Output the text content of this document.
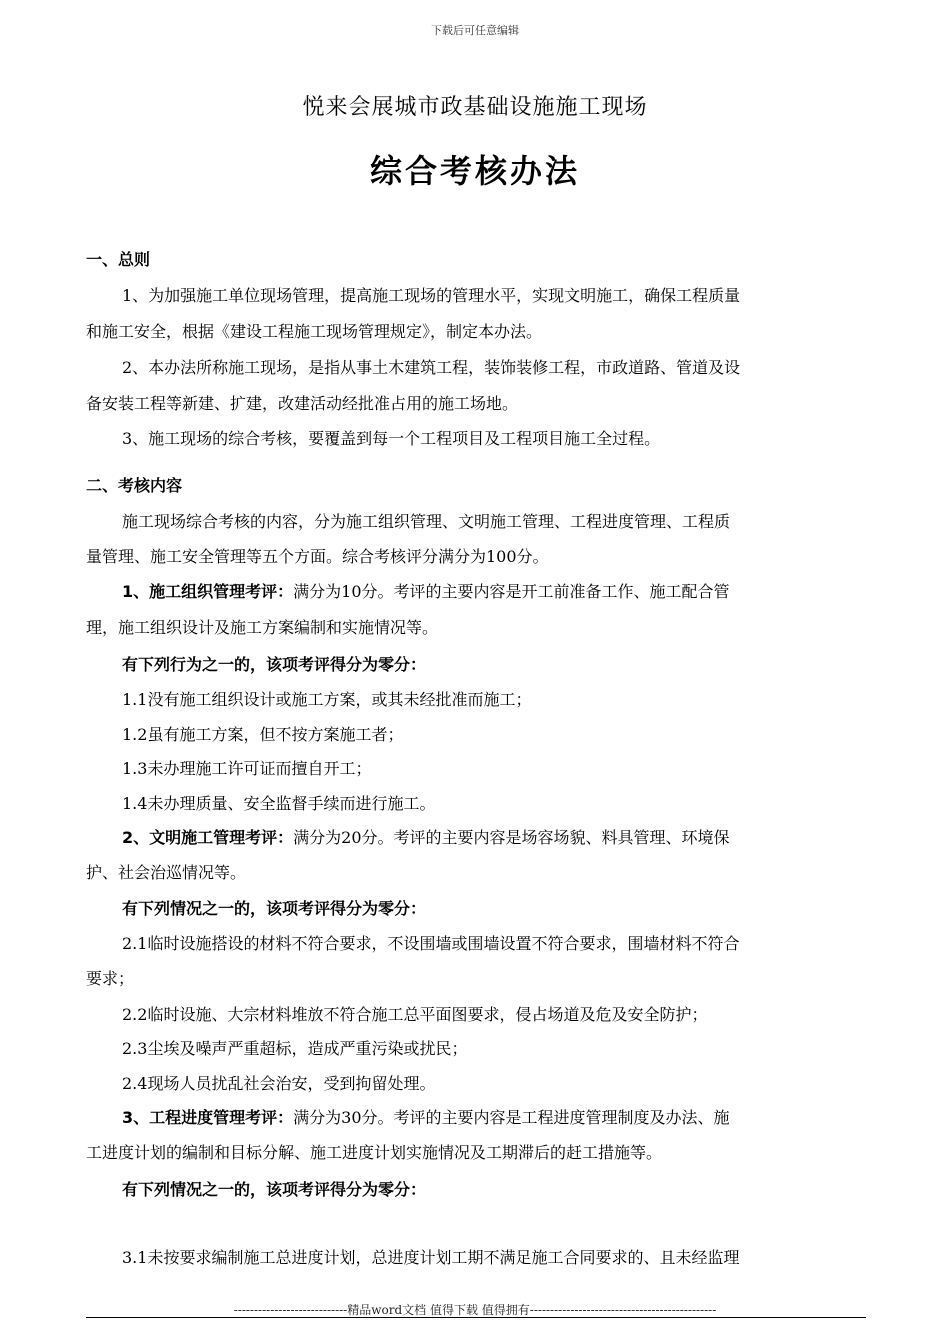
下载后可任意编辑
悦来会展城市政基础设施施工现场
综合考核办法
一、总则
1、为加强施工单位现场管理，提高施工现场的管理水平，实现文明施工，确保工程质量
和施工安全，根据《建设工程施工现场管理规定》，制定本办法。
2、本办法所称施工现场，是指从事土木建筑工程，装饰装修工程，市政道路、管道及设
备安装工程等新建、扩建，改建活动经批准占用的施工场地。
3、施工现场的综合考核，要覆盖到每一个工程项目及工程项目施工全过程。
二、考核内容
施工现场综合考核的内容，分为施工组织管理、文明施工管理、工程进度管理、工程质
量管理、施工安全管理等五个方面。综合考核评分满分为100分。
1、施工组织管理考评：满分为10分。考评的主要内容是开工前准备工作、施工配合管
理，施工组织设计及施工方案编制和实施情况等。
有下列行为之一的，该项考评得分为零分：
1.1没有施工组织设计或施工方案，或其未经批准而施工；
1.2虽有施工方案，但不按方案施工者；
1.3未办理施工许可证而擅自开工；
1.4未办理质量、安全监督手续而进行施工。
2、文明施工管理考评：满分为20分。考评的主要内容是场容场貌、料具管理、环境保
护、社会治巡情况等。
有下列情况之一的，该项考评得分为零分：
2.1临时设施搭设的材料不符合要求，不设围墙或围墙设置不符合要求，围墙材料不符合
要求；
2.2临时设施、大宗材料堆放不符合施工总平面图要求，侵占场道及危及安全防护；
2.3尘埃及噪声严重超标，造成严重污染或扰民；
2.4现场人员扰乱社会治安，受到拘留处理。
3、工程进度管理考评：满分为30分。考评的主要内容是工程进度管理制度及办法、施
工进度计划的编制和目标分解、施工进度计划实施情况及工期滞后的赶工措施等。
有下列情况之一的，该项考评得分为零分：
3.1未按要求编制施工总进度计划，总进度计划工期不满足施工合同要求的、且未经监理
----------------------------精品word文档 值得下载 值得拥有----------------------------------------------
